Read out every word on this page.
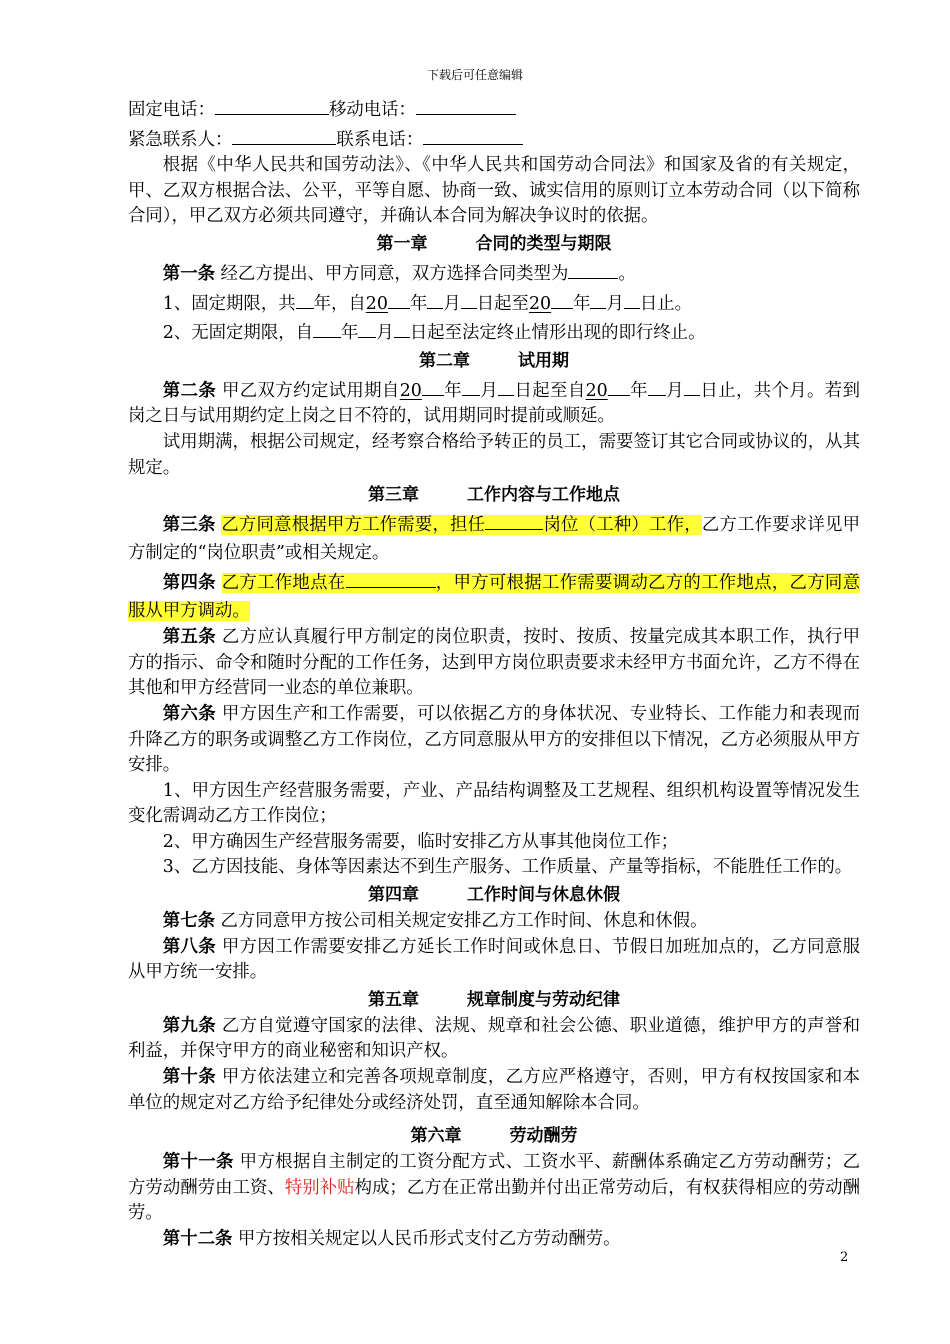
下载后可任意编辑

固定电话：	移动电话：

紧急联系人：	联系电话：

根据《中华人民共和国劳动法》、《中华人民共和国劳动合同法》和国家及省的有关规定，甲、乙双方根据合法、公平，平等自愿、协商一致、诚实信用的原则订立本劳动合同（以下简称合同），甲乙双方必须共同遵守，并确认本合同为解决争议时的依据。

第一章	合同的类型与期限

第一条 经乙方提出、甲方同意，双方选择合同类型为	。

1、固定期限，共 年，自20 年 月 日起至20 年 月 日止。

2、无固定期限，自 年 月 日起至法定终止情形出现的即行终止。

第二章	试用期

第二条 甲乙双方约定试用期自20 年 月 日起至自20 年 月 日止，共个月。若到岗之日与试用期约定上岗之日不符的，试用期同时提前或顺延。

试用期满，根据公司规定，经考察合格给予转正的员工，需要签订其它合同或协议的，从其规定。

第三章	工作内容与工作地点

第三条 乙方同意根据甲方工作需要，担任	岗位（工种）工作，乙方工作要求详见甲方制定的“岗位职责”或相关规定。

第四条 乙方工作地点在	，甲方可根据工作需要调动乙方的工作地点，乙方同意服从甲方调动。

第五条 乙方应认真履行甲方制定的岗位职责，按时、按质、按量完成其本职工作，执行甲方的指示、命令和随时分配的工作任务，达到甲方岗位职责要求未经甲方书面允许，乙方不得在其他和甲方经营同一业态的单位兼职。

第六条 甲方因生产和工作需要，可以依据乙方的身体状况、专业特长、工作能力和表现而升降乙方的职务或调整乙方工作岗位，乙方同意服从甲方的安排但以下情况，乙方必须服从甲方安排。

1、甲方因生产经营服务需要，产业、产品结构调整及工艺规程、组织机构设置等情况发生变化需调动乙方工作岗位；

2、甲方确因生产经营服务需要，临时安排乙方从事其他岗位工作；

3、乙方因技能、身体等因素达不到生产服务、工作质量、产量等指标，不能胜任工作的。

第四章	工作时间与休息休假

第七条 乙方同意甲方按公司相关规定安排乙方工作时间、休息和休假。

第八条 甲方因工作需要安排乙方延长工作时间或休息日、节假日加班加点的，乙方同意服从甲方统一安排。

第五章	规章制度与劳动纪律

第九条 乙方自觉遵守国家的法律、法规、规章和社会公德、职业道德，维护甲方的声誉和利益，并保守甲方的商业秘密和知识产权。

第十条 甲方依法建立和完善各项规章制度，乙方应严格遵守，否则，甲方有权按国家和本单位的规定对乙方给予纪律处分或经济处罚，直至通知解除本合同。

第六章	劳动酬劳

第十一条 甲方根据自主制定的工资分配方式、工资水平、薪酬体系确定乙方劳动酬劳；乙方劳动酬劳由工资、特别补贴构成；乙方在正常出勤并付出正常劳动后，有权获得相应的劳动酬劳。

第十二条 甲方按相关规定以人民币形式支付乙方劳动酬劳。

2
